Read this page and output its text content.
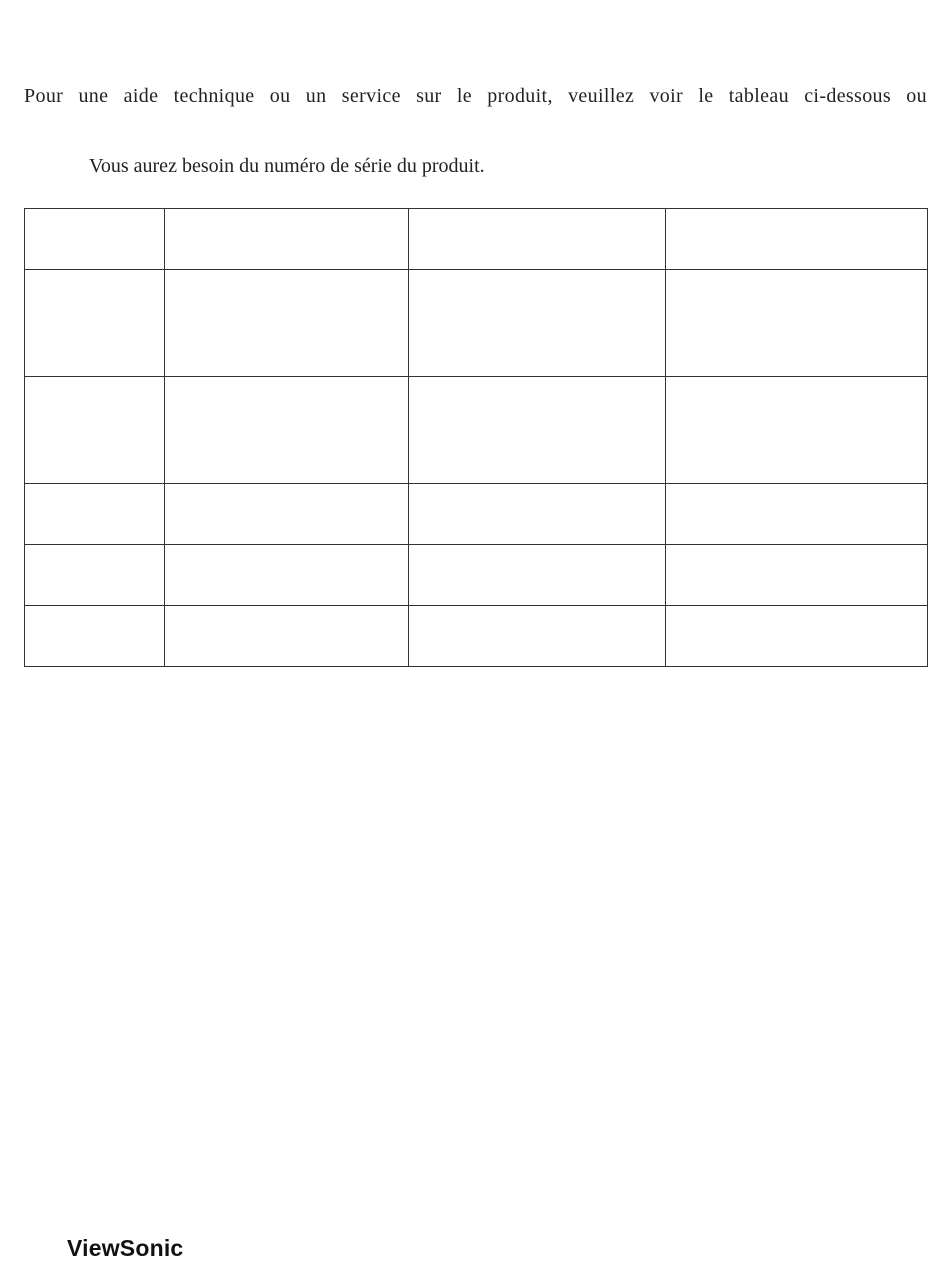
Pour une aide technique ou un service sur le produit, veuillez voir le tableau ci-dessous ou

Vous aurez besoin du numéro de série du produit.

ViewSonic
